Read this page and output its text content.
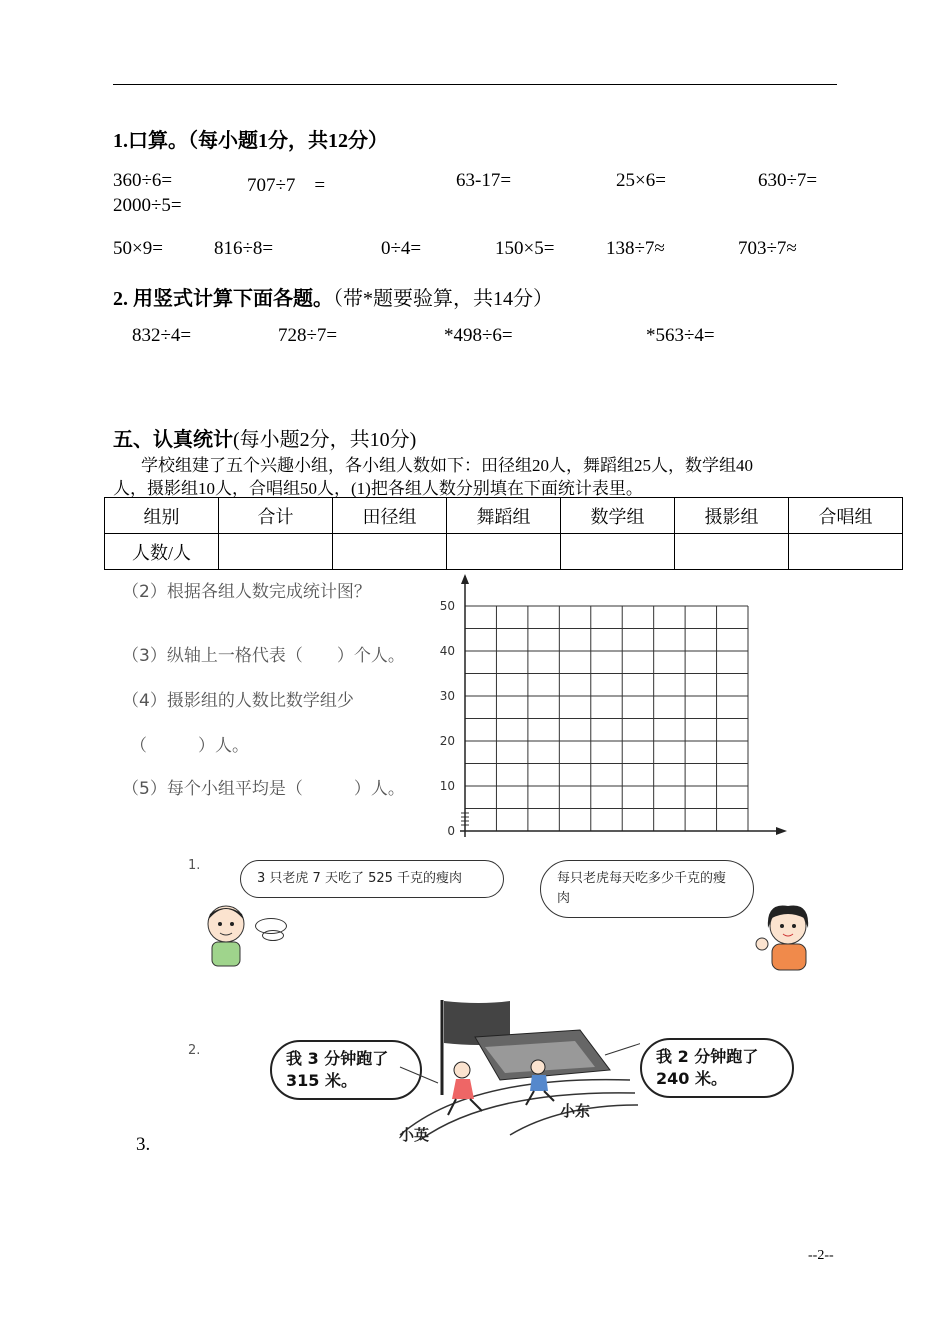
1.口算。（每小题1分，共12分）
360÷6=	707÷7　=	63-17=	25×6=	630÷7=
2000÷5=
50×9=	816÷8=	0÷4=	150×5=	138÷7≈	703÷7≈
2. 用竖式计算下面各题。（带*题要验算，共14分）
832÷4=	728÷7=	*498÷6=	*563÷4=
五、认真统计(每小题2分，共10分)
学校组建了五个兴趣小组，各小组人数如下：田径组20人，舞蹈组25人，数学组40
人，摄影组10人，合唱组50人，(1)把各组人数分别填在下面统计表里。
组别	合计	田径组	舞蹈组	数学组	摄影组	合唱组
人数/人						
（2）根据各组人数完成统计图？
（3）纵轴上一格代表（　　）个人。
（4）摄影组的人数比数学组少
（　　　）人。
（5）每个小组平均是（　　　）人。
0
10
20
30
40
50
1.
3 只老虎 7 天吃了 525 千克的瘦肉	每只老虎每天吃多少千克的瘦肉
2.	我 3 分钟跑了 315 米。
我 2 分钟跑了 240 米。
小英
小东
3.
--2--
